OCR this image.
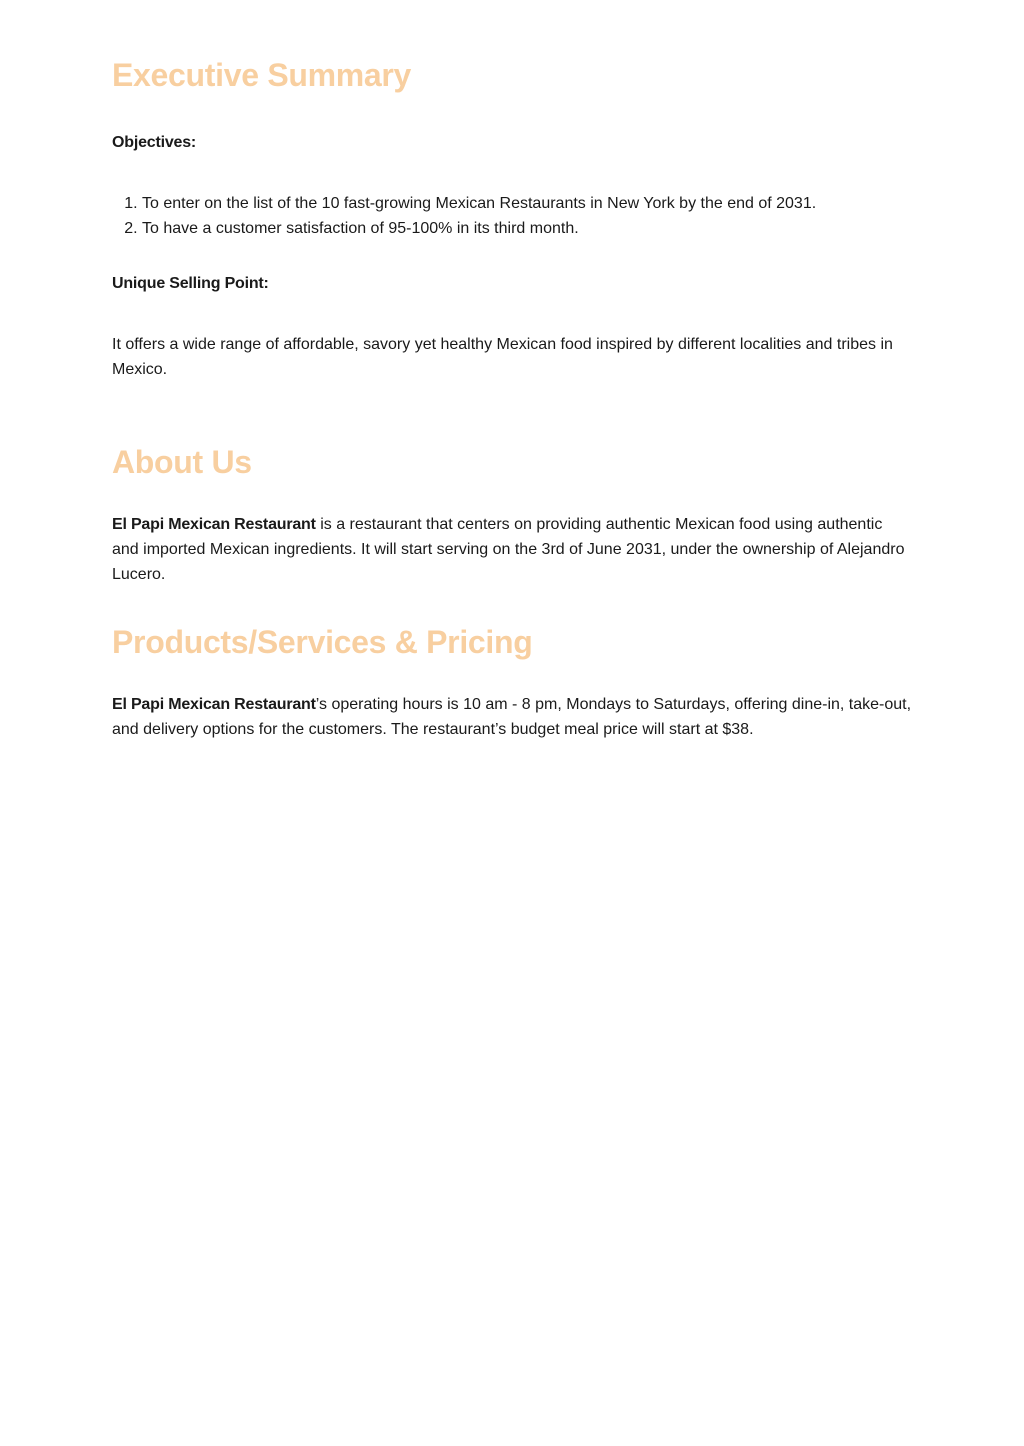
Executive Summary
Objectives:
1. To enter on the list of the 10 fast-growing Mexican Restaurants in New York by the end of 2031.
2. To have a customer satisfaction of 95-100% in its third month.
Unique Selling Point:

It offers a wide range of affordable, savory yet healthy Mexican food inspired by different localities and tribes in Mexico.

About Us

El Papi Mexican Restaurant is a restaurant that centers on providing authentic Mexican food using authentic and imported Mexican ingredients. It will start serving on the 3rd of June 2031, under the ownership of Alejandro Lucero.

Products/Services & Pricing

El Papi Mexican Restaurant’s operating hours is 10 am - 8 pm, Mondays to Saturdays, offering dine-in, take-out, and delivery options for the customers. The restaurant’s budget meal price will start at $38.
